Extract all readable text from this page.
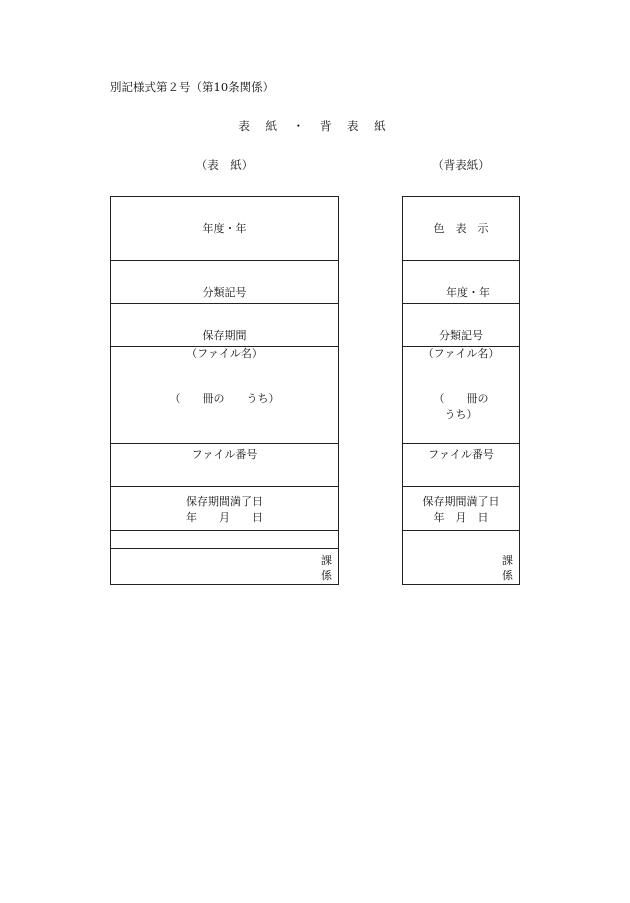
別記様式第２号（第10条関係）
表 紙 ・ 背 表 紙
（表　紙）	（背表紙）
年度・年
分類記号
保存期間
（ファイル名）
（　　冊の　　うち）
ファイル番号
保存期間満了日
年　　月　　日
課
係
色　表　示
年度・年
分類記号
（ファイル名）
（　　冊の
うち）
ファイル番号
保存期間満了日
年　月　日
課
係
